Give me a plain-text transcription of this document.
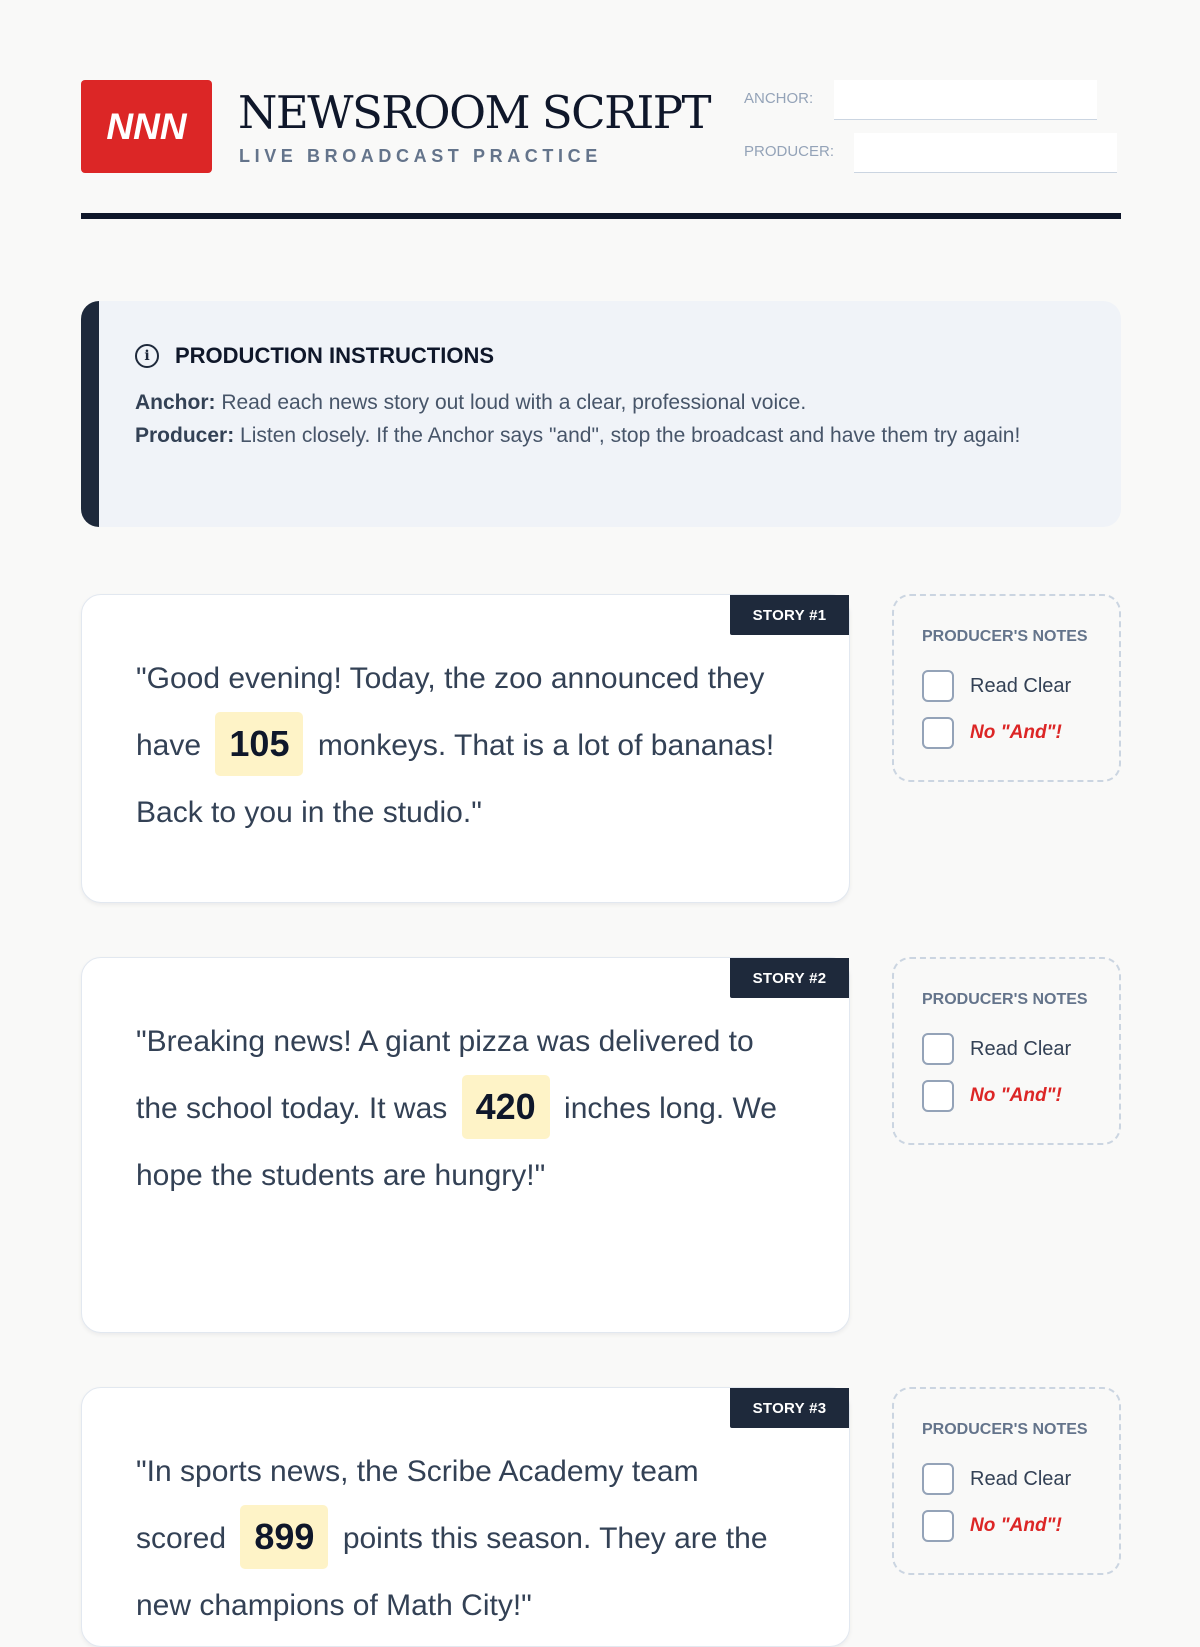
NNN	NEWSROOM SCRIPT
LIVE BROADCAST PRACTICE
ANCHOR:
PRODUCER:
i	PRODUCTION INSTRUCTIONS
Anchor: Read each news story out loud with a clear, professional voice.
Producer: Listen closely. If the Anchor says "and", stop the broadcast and have them try again!
STORY #1
"Good evening! Today, the zoo announced they have 105 monkeys. That is a lot of bananas! Back to you in the studio."
PRODUCER'S NOTES
Read Clear
No "And"!
STORY #2
"Breaking news! A giant pizza was delivered to the school today. It was 420 inches long. We hope the students are hungry!"
PRODUCER'S NOTES
Read Clear
No "And"!
STORY #3
"In sports news, the Scribe Academy team scored 899 points this season. They are the new champions of Math City!"
PRODUCER'S NOTES
Read Clear
No "And"!
